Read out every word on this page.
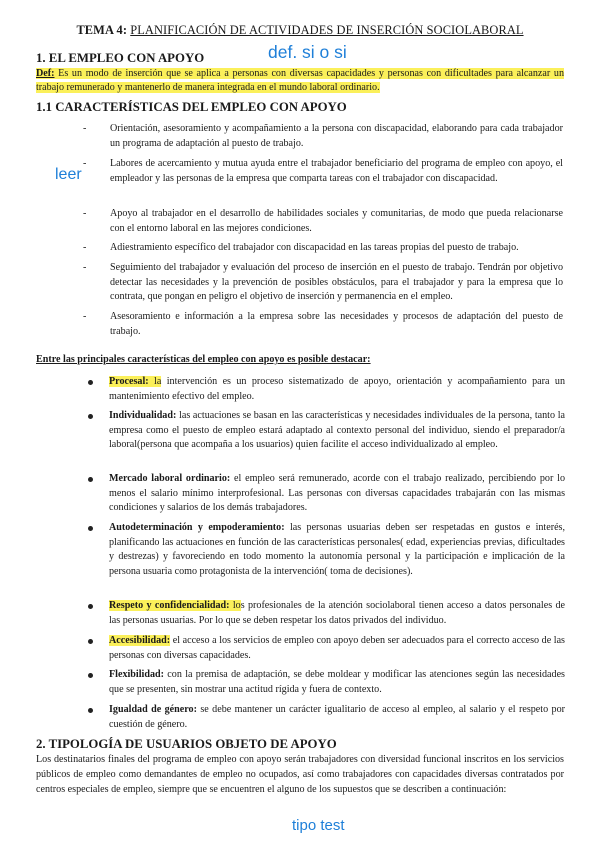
TEMA 4: PLANIFICACIÓN DE ACTIVIDADES DE INSERCIÓN SOCIOLABORAL
1. EL EMPLEO CON APOYO	def. si o si
Def: Es un modo de inserción que se aplica a personas con diversas capacidades y personas con dificultades para alcanzar un trabajo remunerado y mantenerlo de manera integrada en el mundo laboral ordinario.
1.1 CARACTERÍSTICAS DEL EMPLEO CON APOYO
leer
-	Orientación, asesoramiento y acompañamiento a la persona con discapacidad, elaborando para cada trabajador un programa de adaptación al puesto de trabajo.

-	Labores de acercamiento y mutua ayuda entre el trabajador beneficiario del programa de empleo con apoyo, el empleador y las personas de la empresa que comparta tareas con el trabajador con discapacidad.

-	Apoyo al trabajador en el desarrollo de habilidades sociales y comunitarias, de modo que pueda relacionarse con el entorno laboral en las mejores condiciones.

-	Adiestramiento específico del trabajador con discapacidad en las tareas propias del puesto de trabajo.

-	Seguimiento del trabajador y evaluación del proceso de inserción en el puesto de trabajo. Tendrán por objetivo detectar las necesidades y la prevención de posibles obstáculos, para el trabajador y para la empresa que lo contrata, que pongan en peligro el objetivo de inserción y permanencia en el empleo.

-	Asesoramiento e información a la empresa sobre las necesidades y procesos de adaptación del puesto de trabajo.

Entre las principales características del empleo con apoyo es posible destacar:

Procesal: la intervención es un proceso sistematizado de apoyo, orientación y acompañamiento para un mantenimiento efectivo del empleo.

Individualidad: las actuaciones se basan en las características y necesidades individuales de la persona, tanto la empresa como el puesto de empleo estará adaptado al contexto personal del individuo, siendo el preparador/a laboral(persona que acompaña a los usuarios) quien facilite el acceso individualizado al empleo.

Mercado laboral ordinario: el empleo será remunerado, acorde con el trabajo realizado, percibiendo por lo menos el salario mínimo interprofesional. Las personas con diversas capacidades trabajarán con las mismas condiciones y salarios de los demás trabajadores.

Autodeterminación y empoderamiento: las personas usuarias deben ser respetadas en gustos e interés, planificando las actuaciones en función de las características personales( edad, experiencias previas, dificultades y destrezas) y favoreciendo en todo momento la autonomía personal y la participación e implicación de la persona usuaria como protagonista de la intervención( toma de decisiones).

Respeto y confidencialidad: los profesionales de la atención sociolaboral tienen acceso a datos personales de las personas usuarias. Por lo que se deben respetar los datos privados del individuo.

Accesibilidad: el acceso a los servicios de empleo con apoyo deben ser adecuados para el correcto acceso de las personas con diversas capacidades.

Flexibilidad: con la premisa de adaptación, se debe moldear y modificar las atenciones según las necesidades que se presenten, sin mostrar una actitud rígida y fuera de contexto.

Igualdad de género: se debe mantener un carácter igualitario de acceso al empleo, al salario y el respeto por cuestión de género.

2. TIPOLOGÍA DE USUARIOS OBJETO DE APOYO
Los destinatarios finales del programa de empleo con apoyo serán trabajadores con diversidad funcional inscritos en los servicios públicos de empleo como demandantes de empleo no ocupados, así como trabajadores con capacidades diversas contratados por centros especiales de empleo, siempre que se encuentren el alguno de los supuestos que se describen a continuación:
tipo test
